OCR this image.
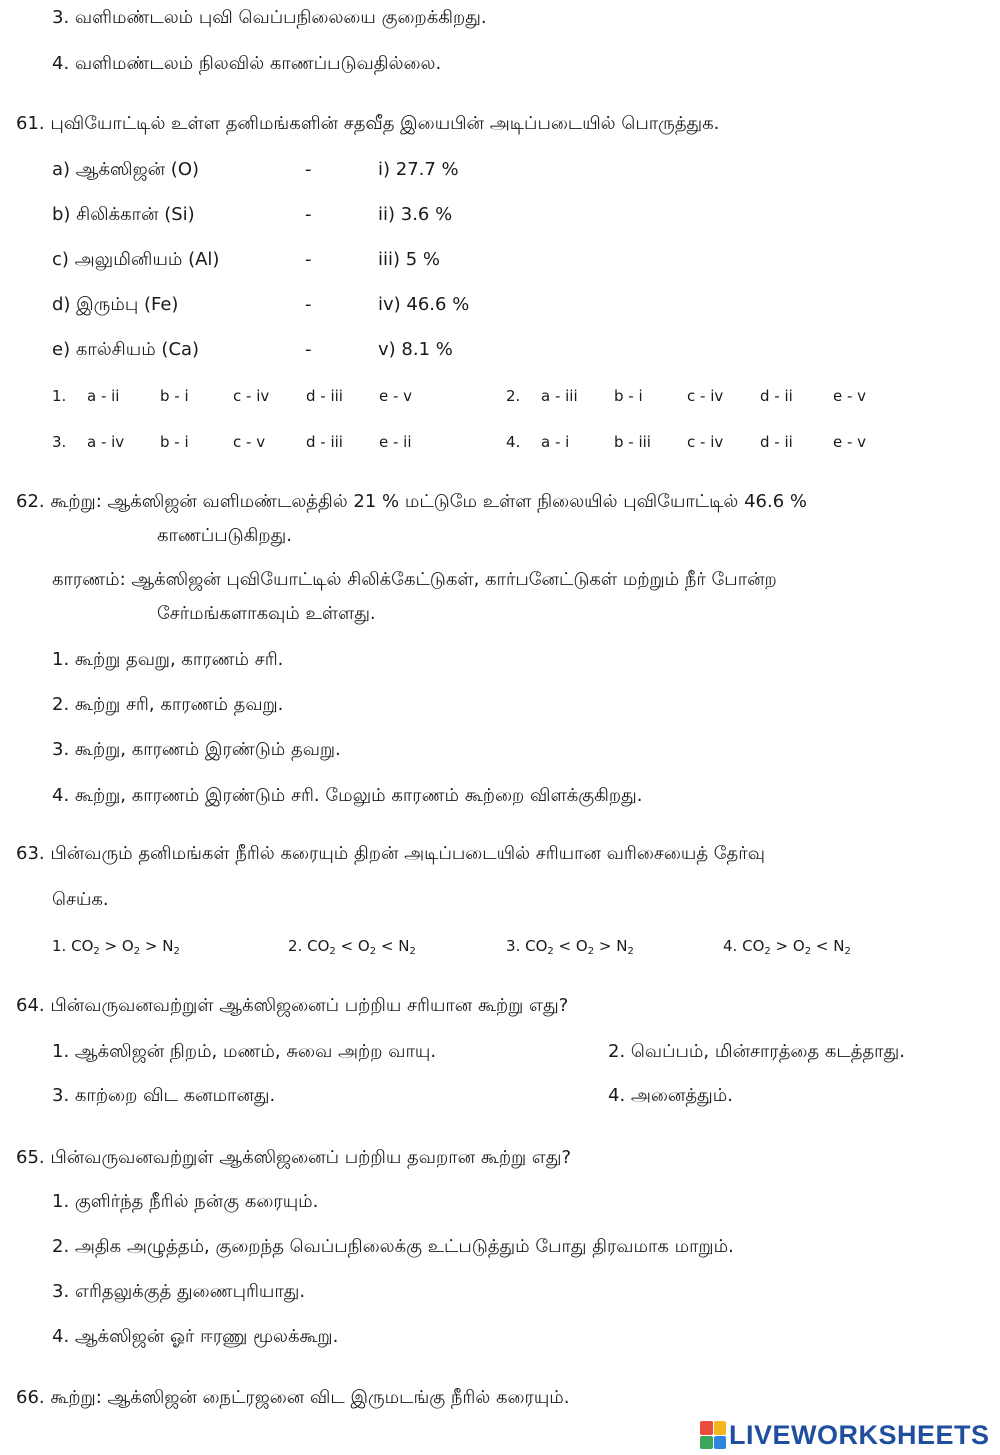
3. வளிமண்டலம் புவி வெப்பநிலையை குறைக்கிறது.
4. வளிமண்டலம் நிலவில் காணப்படுவதில்லை.
61. புவியோட்டில் உள்ள தனிமங்களின் சதவீத இயைபின் அடிப்படையில் பொருத்துக.
a) ஆக்ஸிஜன் (O)	-	i) 27.7 %
b) சிலிக்கான் (Si)	-	ii) 3.6 %
c) அலுமினியம் (Al)	-	iii) 5 %
d) இரும்பு (Fe)	-	iv) 46.6 %
e) கால்சியம் (Ca)	-	v) 8.1 %
1. a - ii	b - i	c - iv d - iii e - v	2. a - iii b - i	c - iv d - ii	e - v
3. a - iv b - i	c - v	d - iii e - ii	4. a - i	b - iii c - iv d - ii	e - v
62. கூற்று: ஆக்ஸிஜன் வளிமண்டலத்தில் 21 % மட்டுமே உள்ள நிலையில் புவியோட்டில் 46.6 %
காணப்படுகிறது.
காரணம்: ஆக்ஸிஜன் புவியோட்டில் சிலிக்கேட்டுகள், கார்பனேட்டுகள் மற்றும் நீர் போன்ற
சேர்மங்களாகவும் உள்ளது.
1. கூற்று தவறு, காரணம் சரி.
2. கூற்று சரி, காரணம் தவறு.
3. கூற்று, காரணம் இரண்டும் தவறு.
4. கூற்று, காரணம் இரண்டும் சரி. மேலும் காரணம் கூற்றை விளக்குகிறது.
63. பின்வரும் தனிமங்கள் நீரில் கரையும் திறன் அடிப்படையில் சரியான வரிசையைத் தேர்வு
செய்க.
1. $CO_2 > O_2 > N_2$	2. $CO_2 < O_2 < N_2$	3. $CO_2 < O_2 > N_2$	4. $CO_2 > O_2 < N_2$
64. பின்வருவனவற்றுள் ஆக்ஸிஜனைப் பற்றிய சரியான கூற்று எது?
1. ஆக்ஸிஜன் நிறம், மணம், சுவை அற்ற வாயு.	2. வெப்பம், மின்சாரத்தை கடத்தாது.
3. காற்றை விட கனமானது.	4. அனைத்தும்.
65. பின்வருவனவற்றுள் ஆக்ஸிஜனைப் பற்றிய தவறான கூற்று எது?
1. குளிர்ந்த நீரில் நன்கு கரையும்.
2. அதிக அழுத்தம், குறைந்த வெப்பநிலைக்கு உட்படுத்தும் போது திரவமாக மாறும்.
3. எரிதலுக்குத் துணைபுரியாது.
4. ஆக்ஸிஜன் ஓர் ஈரணு மூலக்கூறு.
66. கூற்று: ஆக்ஸிஜன் நைட்ரஜனை விட இருமடங்கு நீரில் கரையும்.
LIVEWORKSHEETS
